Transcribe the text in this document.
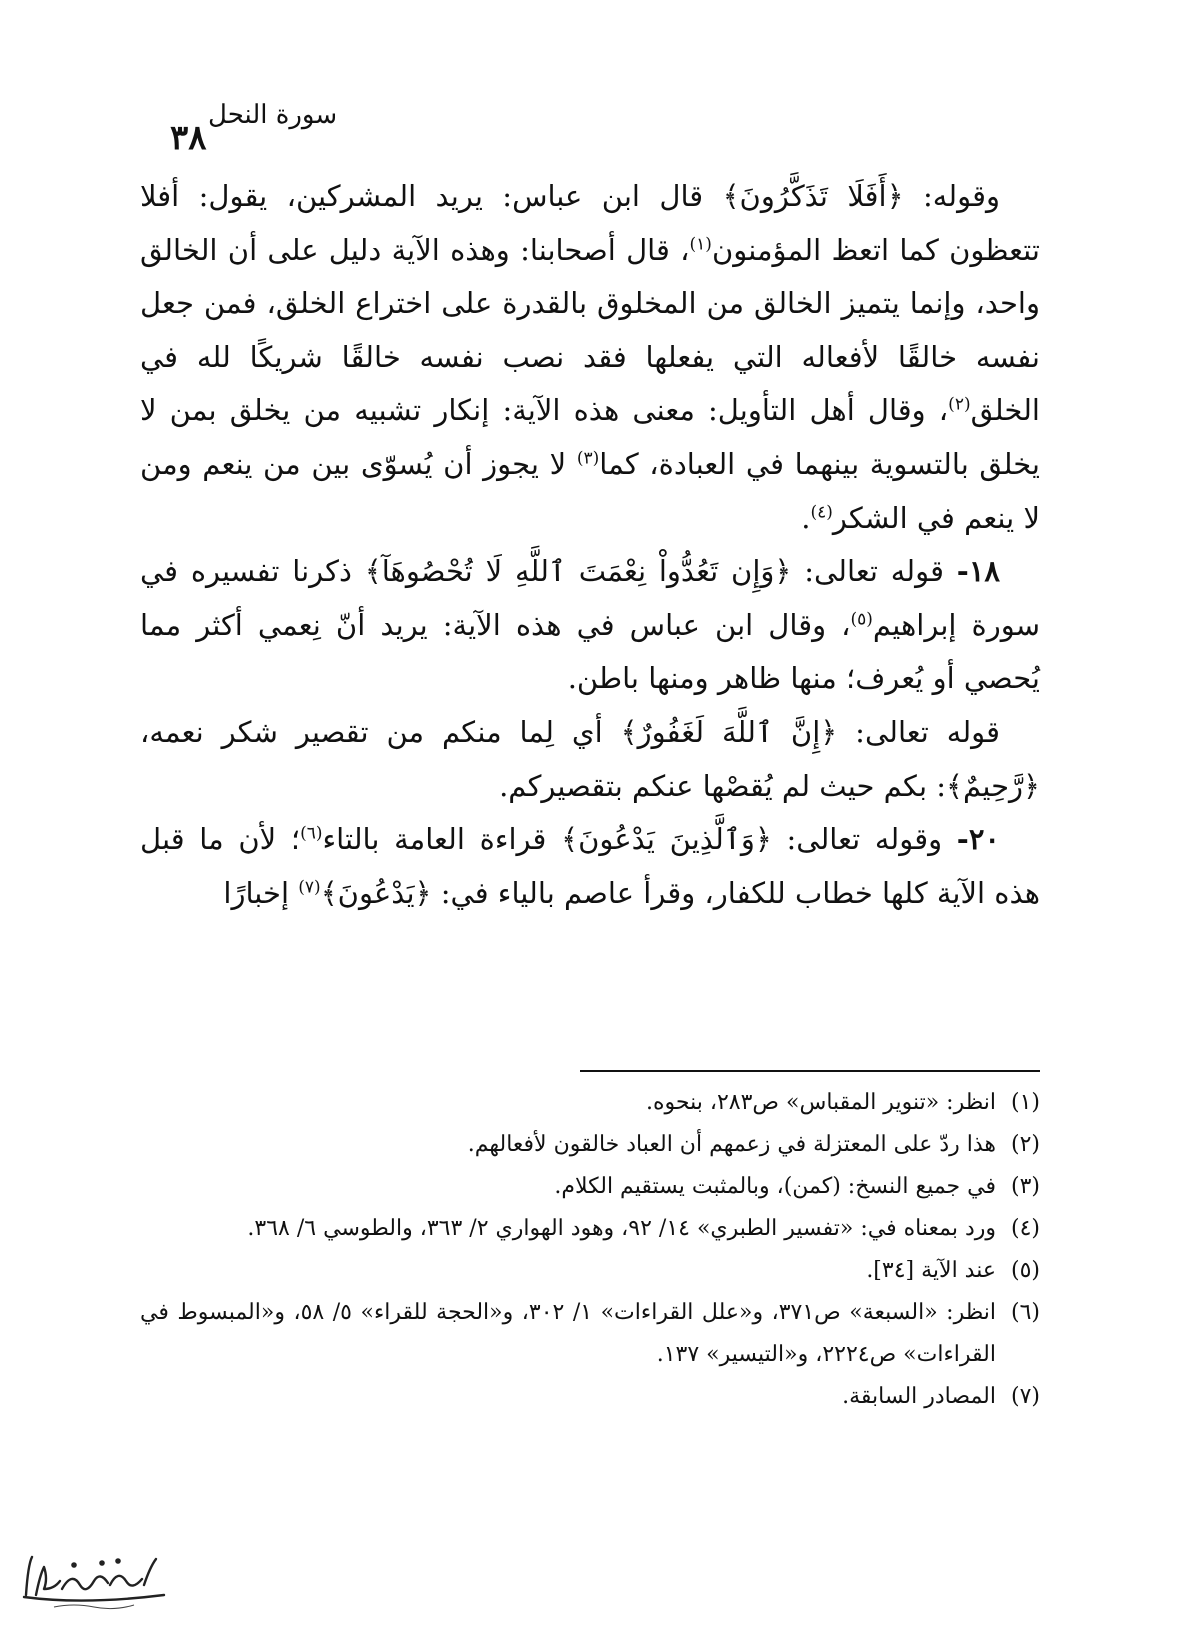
٣٨
سورة النحل

وقوله: ﴿أَفَلَا تَذَكَّرُونَ﴾ قال ابن عباس: يريد المشركين، يقول: أفلا تتعظون كما اتعظ المؤمنون$^{(١)}$، قال أصحابنا: وهذه الآية دليل على أن الخالق واحد، وإنما يتميز الخالق من المخلوق بالقدرة على اختراع الخلق، فمن جعل نفسه خالقًا لأفعاله التي يفعلها فقد نصب نفسه خالقًا شريكًا لله في الخلق$^{(٢)}$، وقال أهل التأويل: معنى هذه الآية: إنكار تشبيه من يخلق بمن لا يخلق بالتسوية بينهما في العبادة، كما$^{(٣)}$ لا يجوز أن يُسوّى بين من ينعم ومن لا ينعم في الشكر$^{(٤)}$.

١٨- قوله تعالى: ﴿وَإِن تَعُدُّواْ نِعْمَتَ ٱللَّهِ لَا تُحْصُوهَآ﴾ ذكرنا تفسيره في سورة إبراهيم$^{(٥)}$، وقال ابن عباس في هذه الآية: يريد أنّ نِعمي أكثر مما يُحصي أو يُعرف؛ منها ظاهر ومنها باطن.

قوله تعالى: ﴿إِنَّ ٱللَّهَ لَغَفُورٌ﴾ أي لِما منكم من تقصير شكر نعمه، ﴿رَّحِيمٌ﴾: بكم حيث لم يُقصْها عنكم بتقصيركم.

٢٠- وقوله تعالى: ﴿وَٱلَّذِينَ يَدْعُونَ﴾ قراءة العامة بالتاء$^{(٦)}$؛ لأن ما قبل هذه الآية كلها خطاب للكفار، وقرأ عاصم بالياء في: ﴿يَدْعُونَ﴾$^{(٧)}$ إخبارًا

(١)
انظر: «تنوير المقباس» ص٢٨٣، بنحوه.
(٢)
هذا ردّ على المعتزلة في زعمهم أن العباد خالقون لأفعالهم.
(٣)
في جميع النسخ: (كمن)، وبالمثبت يستقيم الكلام.
(٤)
ورد بمعناه في: «تفسير الطبري» ١٤/ ٩٢، وهود الهواري ٢/ ٣٦٣، والطوسي ٦/ ٣٦٨.
(٥)
عند الآية [٣٤].
(٦)
انظر: «السبعة» ص٣٧١، و«علل القراءات» ١/ ٣٠٢، و«الحجة للقراء» ٥/ ٥٨، و«المبسوط في القراءات» ص٢٢٢٤، و«التيسير» ١٣٧.
(٧)
المصادر السابقة.
